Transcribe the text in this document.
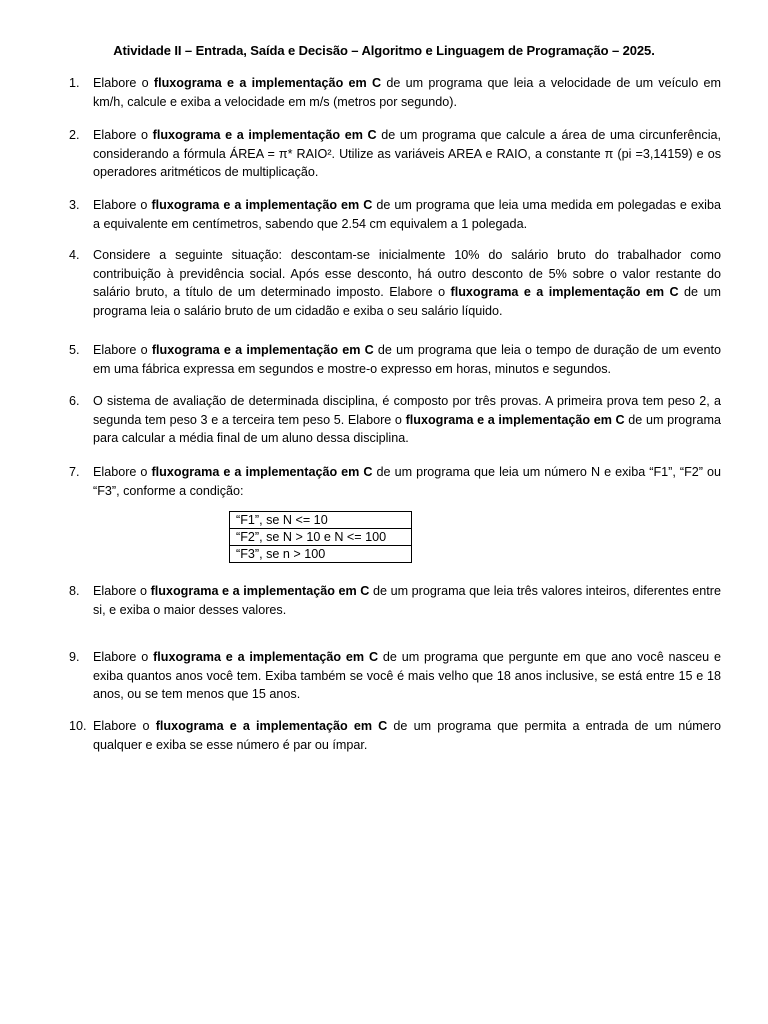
Atividade II – Entrada, Saída e Decisão – Algoritmo e Linguagem de Programação – 2025.
1. Elabore o fluxograma e a implementação em C de um programa que leia a velocidade de um veículo em km/h, calcule e exiba a velocidade em m/s (metros por segundo).
2. Elabore o fluxograma e a implementação em C de um programa que calcule a área de uma circunferência, considerando a fórmula ÁREA = π* RAIO². Utilize as variáveis AREA e RAIO, a constante π (pi =3,14159) e os operadores aritméticos de multiplicação.
3. Elabore o fluxograma e a implementação em C de um programa que leia uma medida em polegadas e exiba a equivalente em centímetros, sabendo que 2.54 cm equivalem a 1 polegada.
4. Considere a seguinte situação: descontam-se inicialmente 10% do salário bruto do trabalhador como contribuição à previdência social. Após esse desconto, há outro desconto de 5% sobre o valor restante do salário bruto, a título de um determinado imposto. Elabore o fluxograma e a implementação em C de um programa leia o salário bruto de um cidadão e exiba o seu salário líquido.
5. Elabore o fluxograma e a implementação em C de um programa que leia o tempo de duração de um evento em uma fábrica expressa em segundos e mostre-o expresso em horas, minutos e segundos.
6. O sistema de avaliação de determinada disciplina, é composto por três provas. A primeira prova tem peso 2, a segunda tem peso 3 e a terceira tem peso 5. Elabore o fluxograma e a implementação em C de um programa para calcular a média final de um aluno dessa disciplina.
7. Elabore o fluxograma e a implementação em C de um programa que leia um número N e exiba “F1”, “F2” ou “F3”, conforme a condição:
“F1”, se N <= 10
“F2”, se N > 10 e N <= 100
“F3”, se n > 100
8. Elabore o fluxograma e a implementação em C de um programa que leia três valores inteiros, diferentes entre si, e exiba o maior desses valores.
9. Elabore o fluxograma e a implementação em C de um programa que pergunte em que ano você nasceu e exiba quantos anos você tem. Exiba também se você é mais velho que 18 anos inclusive, se está entre 15 e 18 anos, ou se tem menos que 15 anos.
10. Elabore o fluxograma e a implementação em C de um programa que permita a entrada de um número qualquer e exiba se esse número é par ou ímpar.
